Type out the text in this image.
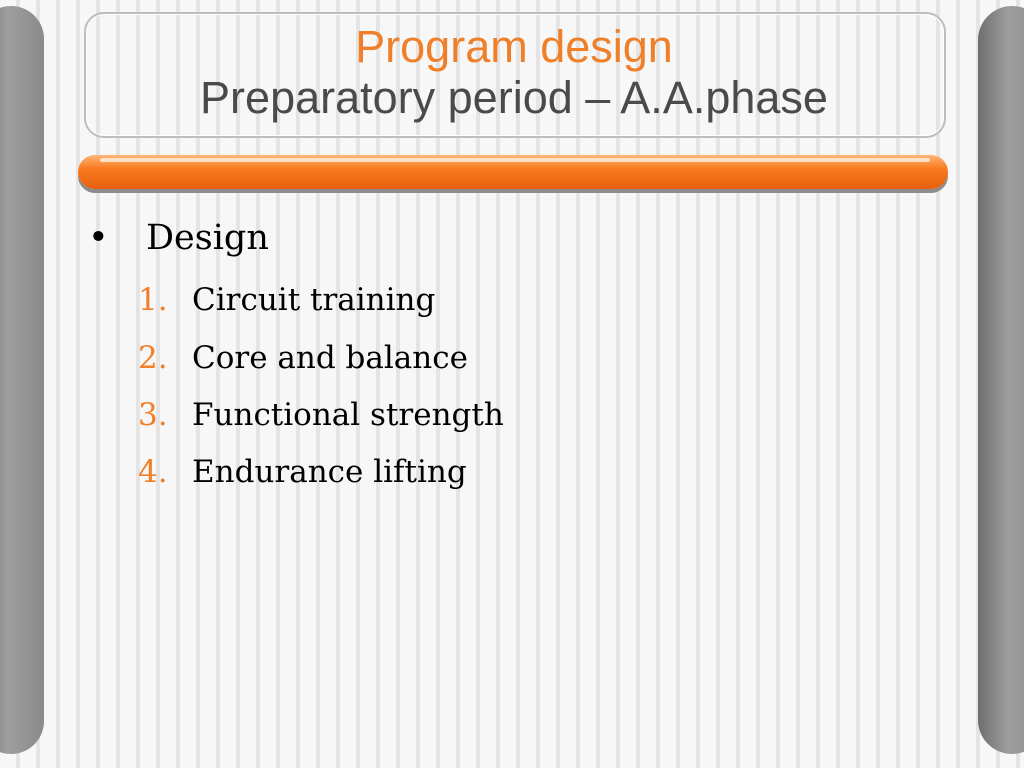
Program design
Preparatory period – A.A.phase
• Design
1. Circuit training
2. Core and balance
3. Functional strength
4. Endurance lifting
